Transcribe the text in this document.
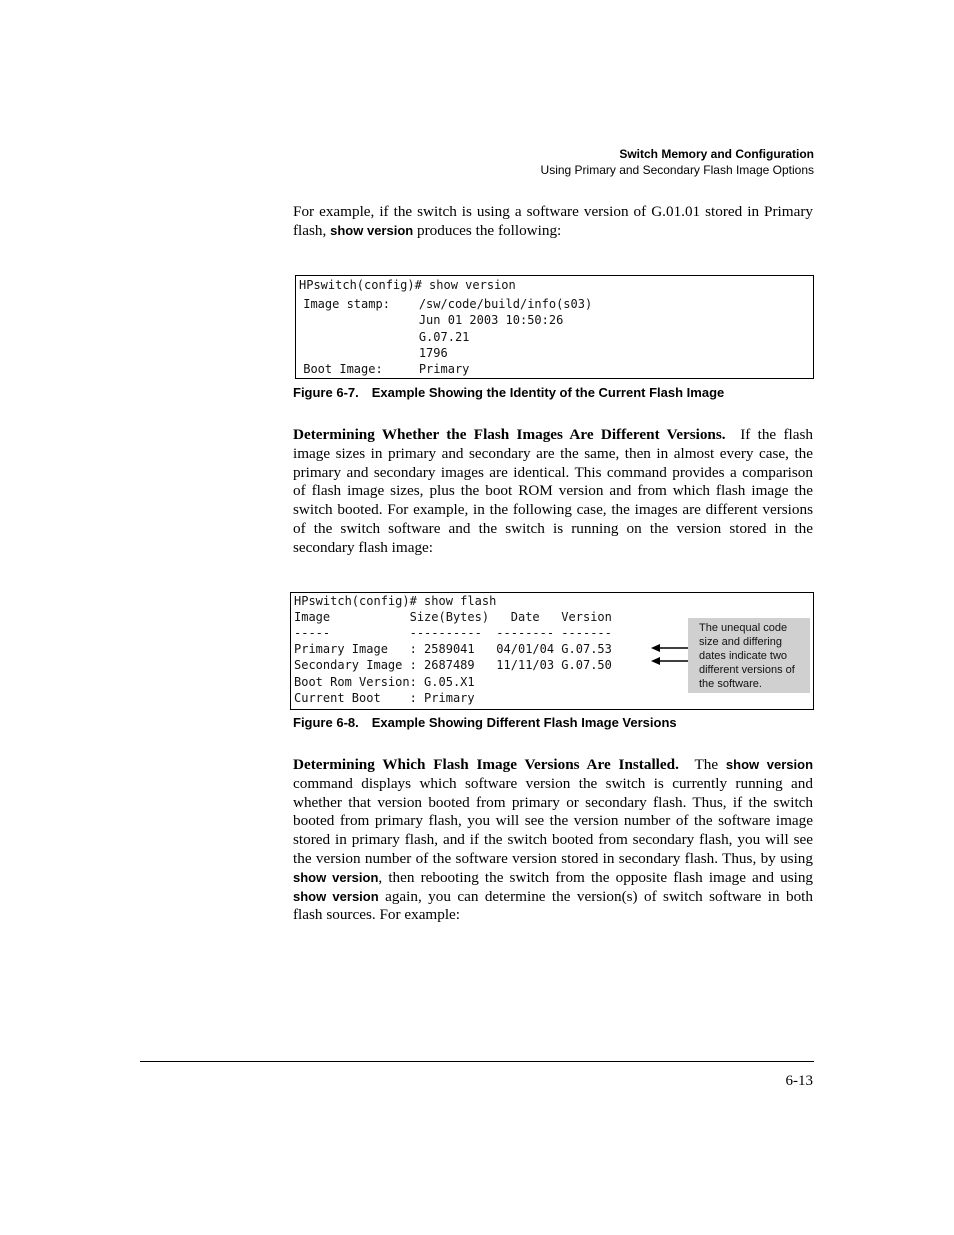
Switch Memory and Configuration
Using Primary and Secondary Flash Image Options
For example, if the switch is using a software version of G.01.01 stored in Primary flash, show version produces the following:
HPswitch(config)# show version
Image stamp:    /sw/code/build/info(s03)
Jun 01 2003 10:50:26
G.07.21
1796
Boot Image:     Primary
Figure 6-7. Example Showing the Identity of the Current Flash Image
Determining Whether the Flash Images Are Different Versions. If the flash image sizes in primary and secondary are the same, then in almost every case, the primary and secondary images are identical. This command provides a comparison of flash image sizes, plus the boot ROM version and from which flash image the switch booted. For example, in the following case, the images are different versions of the switch software and the switch is running on the version stored in the secondary flash image:
HPswitch(config)# show flash
Image           Size(Bytes)   Date   Version
-----           ----------  -------- -------
Primary Image   : 2589041   04/01/04 G.07.53
Secondary Image : 2687489   11/11/03 G.07.50
Boot Rom Version: G.05.X1
Current Boot    : Primary
The unequal code size and differing dates indicate two different versions of the software.
Figure 6-8. Example Showing Different Flash Image Versions
Determining Which Flash Image Versions Are Installed. The show version command displays which software version the switch is currently running and whether that version booted from primary or secondary flash. Thus, if the switch booted from primary flash, you will see the version number of the software image stored in primary flash, and if the switch booted from secondary flash, you will see the version number of the software version stored in secondary flash. Thus, by using show version, then rebooting the switch from the opposite flash image and using show version again, you can determine the version(s) of switch software in both flash sources. For example:
6-13
